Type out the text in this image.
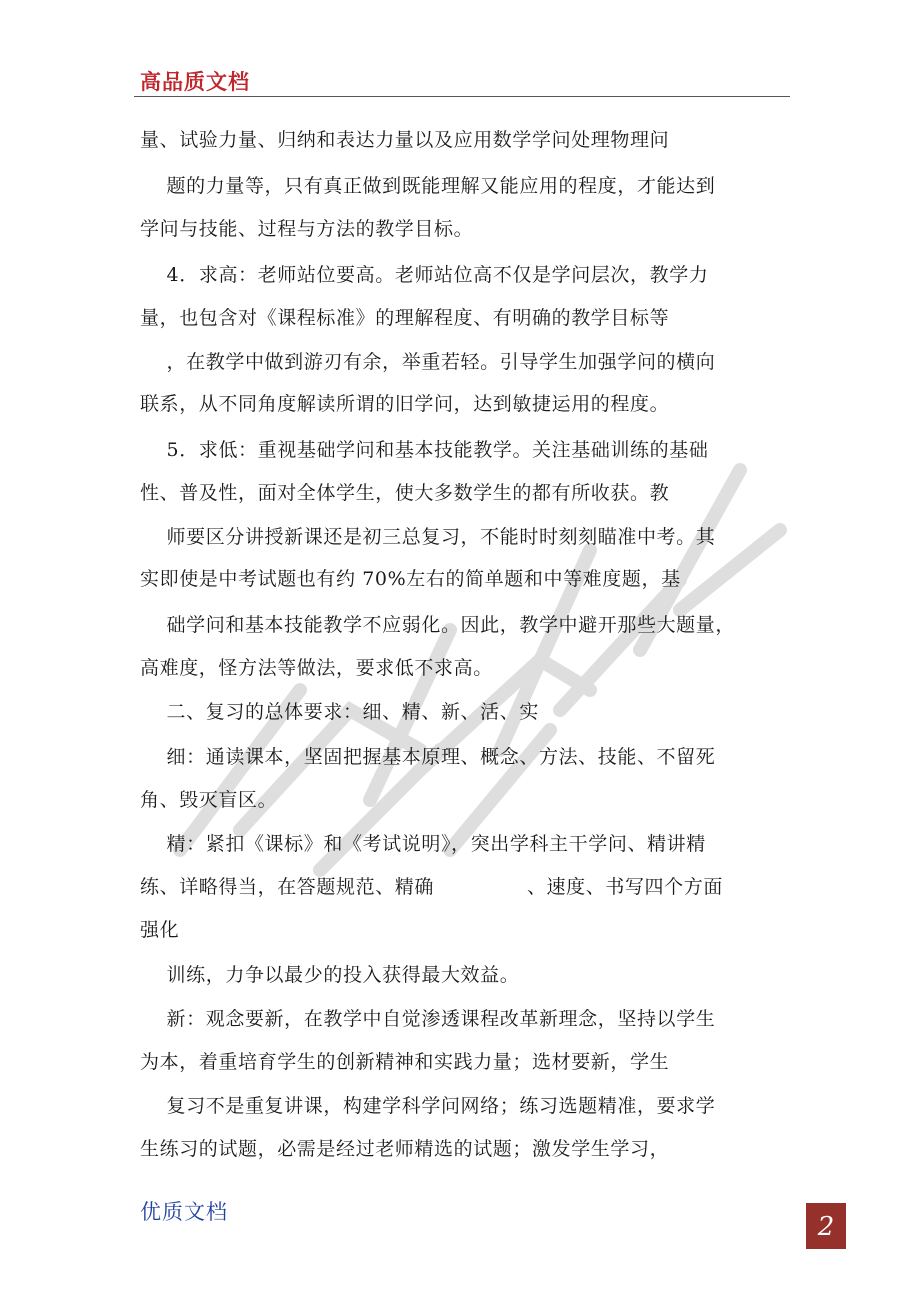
高品质文档
量、试验力量、归纳和表达力量以及应用数学学问处理物理问
题的力量等，只有真正做到既能理解又能应用的程度，才能达到
学问与技能、过程与方法的教学目标。
4．求高：老师站位要高。老师站位高不仅是学问层次，教学力
量，也包含对《课程标准》的理解程度、有明确的教学目标等
，在教学中做到游刃有余，举重若轻。引导学生加强学问的横向
联系，从不同角度解读所谓的旧学问，达到敏捷运用的程度。
5．求低：重视基础学问和基本技能教学。关注基础训练的基础
性、普及性，面对全体学生，使大多数学生的都有所收获。教
师要区分讲授新课还是初三总复习，不能时时刻刻瞄准中考。其
实即使是中考试题也有约 70%左右的简单题和中等难度题，基
础学问和基本技能教学不应弱化。因此，教学中避开那些大题量，
高难度，怪方法等做法，要求低不求高。
二、复习的总体要求：细、精、新、活、实
细：通读课本，坚固把握基本原理、概念、方法、技能、不留死
角、毁灭盲区。
精：紧扣《课标》和《考试说明》，突出学科主干学问、精讲精
练、详略得当，在答题规范、精确              、速度、书写四个方面
强化
训练，力争以最少的投入获得最大效益。
新：观念要新，在教学中自觉渗透课程改革新理念，坚持以学生
为本，着重培育学生的创新精神和实践力量；选材要新，学生
复习不是重复讲课，构建学科学问网络；练习选题精准，要求学
生练习的试题，必需是经过老师精选的试题；激发学生学习，
优质文档	2
